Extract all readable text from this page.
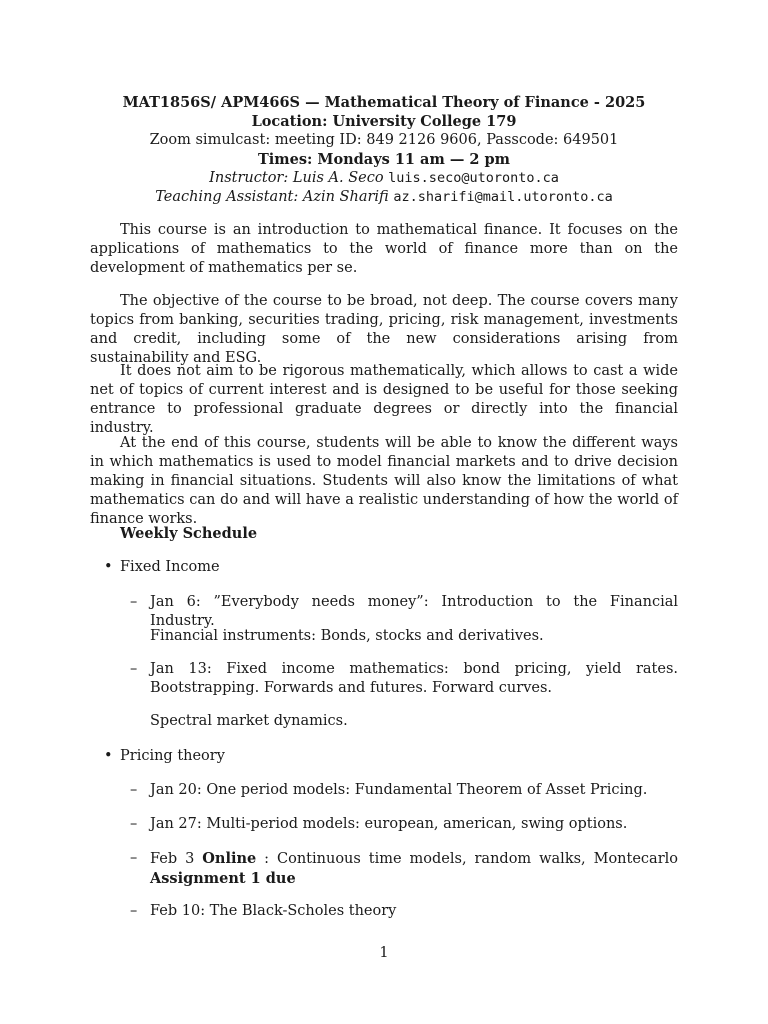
MAT1856S/ APM466S — Mathematical Theory of Finance - 2025
Location: University College 179
Zoom simulcast: meeting ID: 849 2126 9606, Passcode: 649501
Times: Mondays 11 am — 2 pm
Instructor: Luis A. Seco luis.seco@utoronto.ca
Teaching Assistant: Azin Sharifi az.sharifi@mail.utoronto.ca

This course is an introduction to mathematical finance. It focuses on the applications of mathematics to the world of finance more than on the development of mathematics per se.

The objective of the course to be broad, not deep. The course covers many topics from banking, securities trading, pricing, risk management, investments and credit, including some of the new considerations arising from sustainability and ESG.

It does not aim to be rigorous mathematically, which allows to cast a wide net of topics of current interest and is designed to be useful for those seeking entrance to professional graduate degrees or directly into the financial industry.

At the end of this course, students will be able to know the different ways in which mathematics is used to model financial markets and to drive decision making in financial situations. Students will also know the limitations of what mathematics can do and will have a realistic understanding of how the world of finance works.

Weekly Schedule
• Fixed Income
– Jan 6: ”Everybody needs money”: Introduction to the Financial Industry.
Financial instruments: Bonds, stocks and derivatives.
– Jan 13: Fixed income mathematics: bond pricing, yield rates. Bootstrapping. Forwards and futures. Forward curves.
Spectral market dynamics.
• Pricing theory
– Jan 20: One period models: Fundamental Theorem of Asset Pricing.
– Jan 27: Multi-period models: european, american, swing options.
– Feb 3 Online : Continuous time models, random walks, Montecarlo Assignment 1 due
– Feb 10: The Black-Scholes theory
1
